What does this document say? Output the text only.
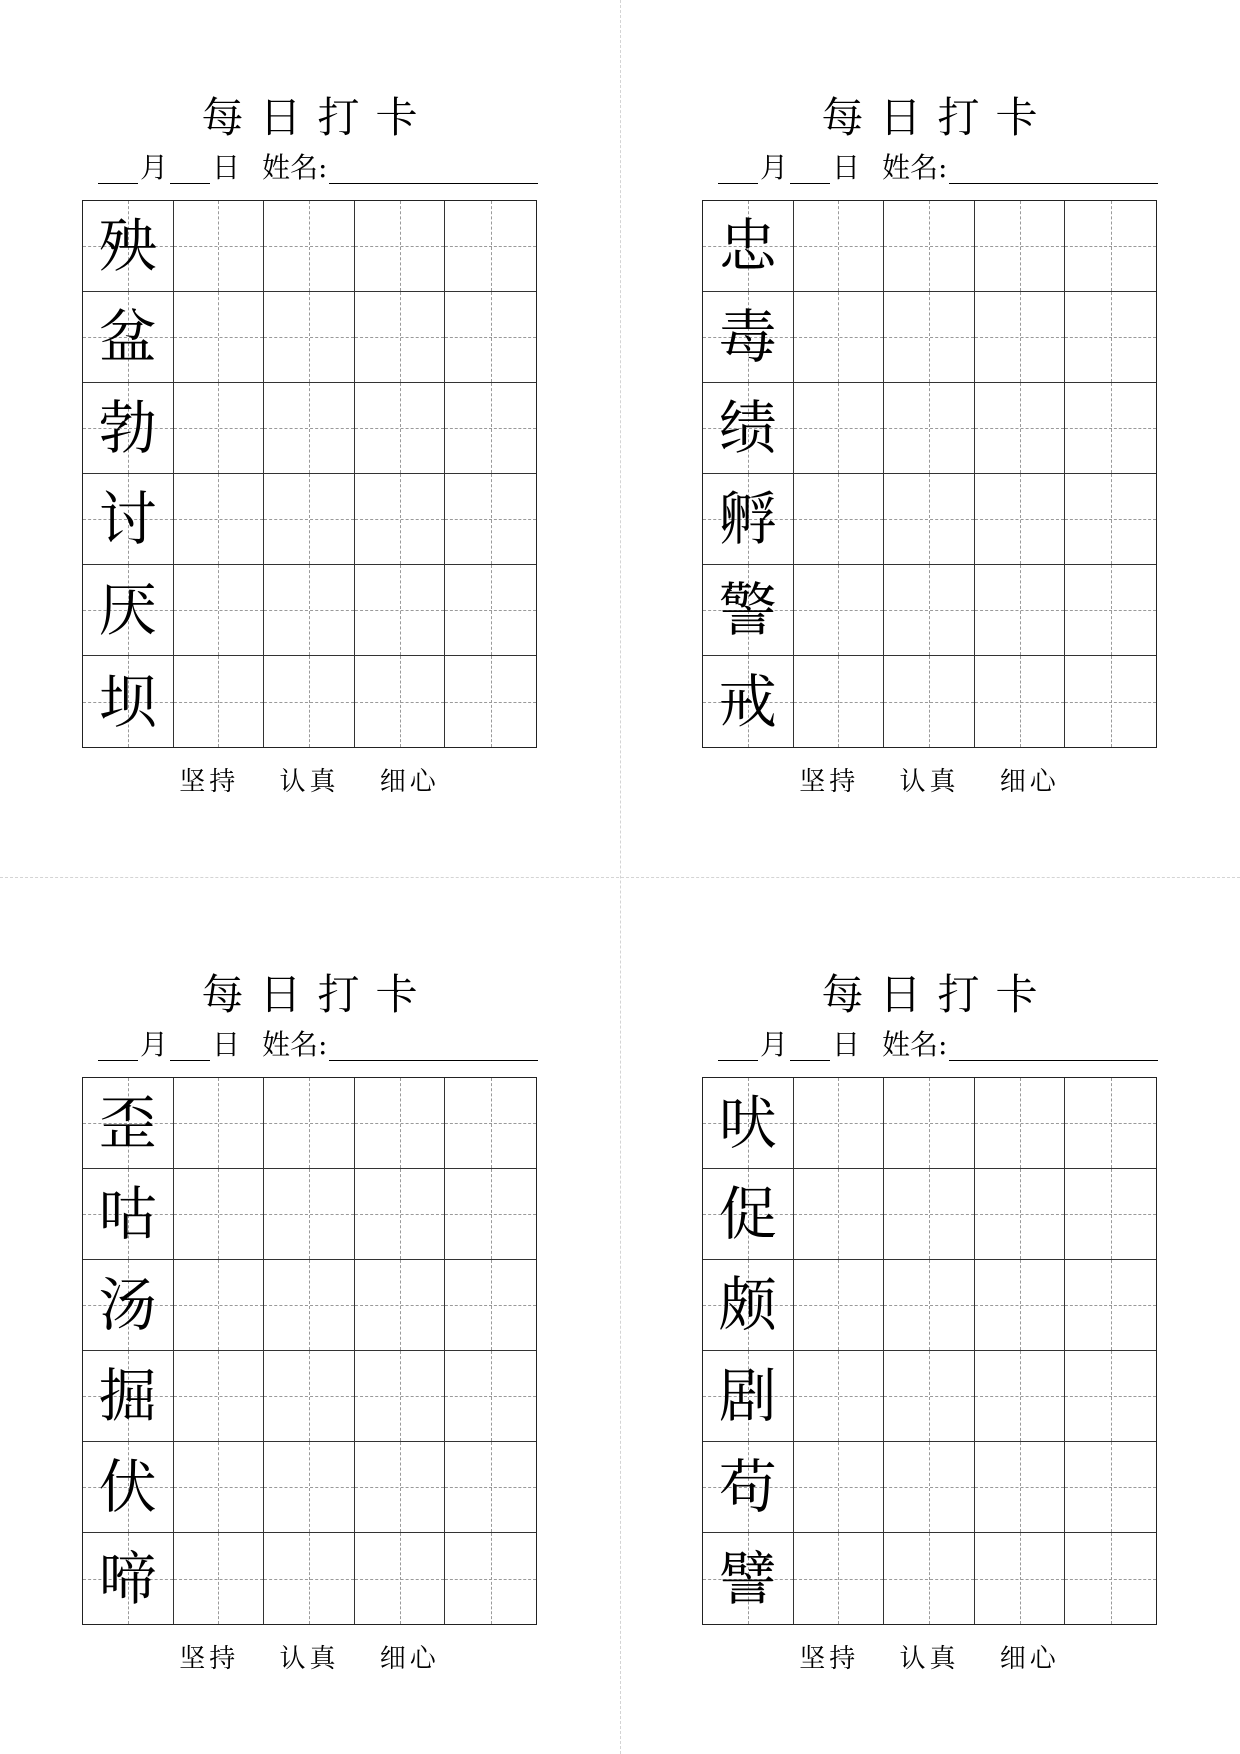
每日打卡
月 日 姓名:
殃
盆
勃
讨
厌
坝
坚持 认真 细心
每日打卡
月 日 姓名:
忠
毒
绩
孵
警
戒
坚持 认真 细心
每日打卡
月 日 姓名:
歪
咕
汤
掘
伏
啼
坚持 认真 细心
每日打卡
月 日 姓名:
吠
促
颇
剧
苟
譬
坚持 认真 细心
